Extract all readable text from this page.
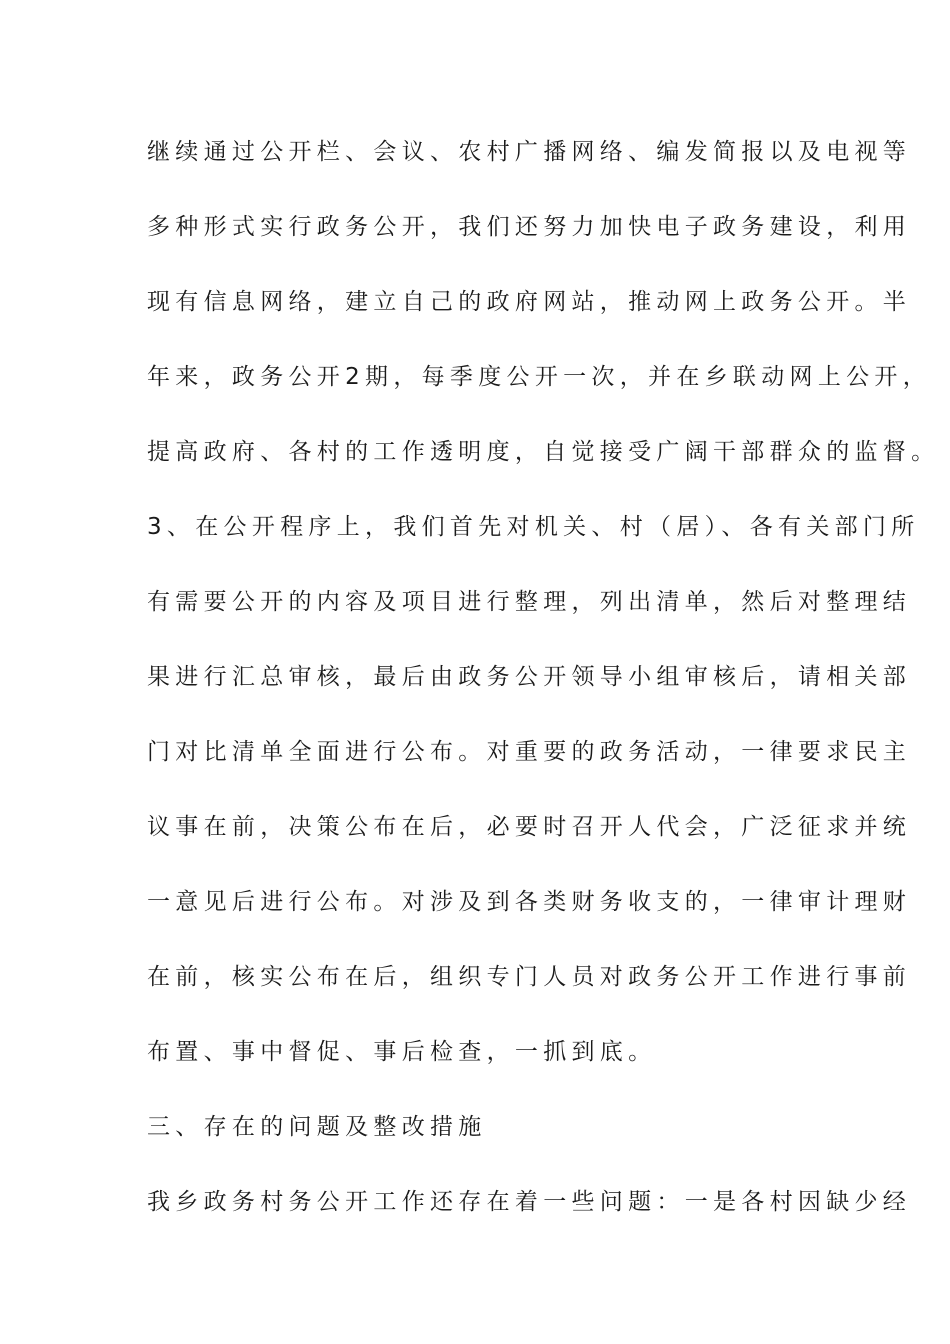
继续通过公开栏、会议、农村广播网络、编发简报以及电视等
多种形式实行政务公开，我们还努力加快电子政务建设，利用
现有信息网络，建立自己的政府网站，推动网上政务公开。半
年来，政务公开2期，每季度公开一次，并在乡联动网上公开，
提高政府、各村的工作透明度，自觉接受广阔干部群众的监督。
3、在公开程序上，我们首先对机关、村（居）、各有关部门所
有需要公开的内容及项目进行整理，列出清单，然后对整理结
果进行汇总审核，最后由政务公开领导小组审核后，请相关部
门对比清单全面进行公布。对重要的政务活动，一律要求民主
议事在前，决策公布在后，必要时召开人代会，广泛征求并统
一意见后进行公布。对涉及到各类财务收支的，一律审计理财
在前，核实公布在后，组织专门人员对政务公开工作进行事前
布置、事中督促、事后检查，一抓到底。
三、存在的问题及整改措施
我乡政务村务公开工作还存在着一些问题：一是各村因缺少经
